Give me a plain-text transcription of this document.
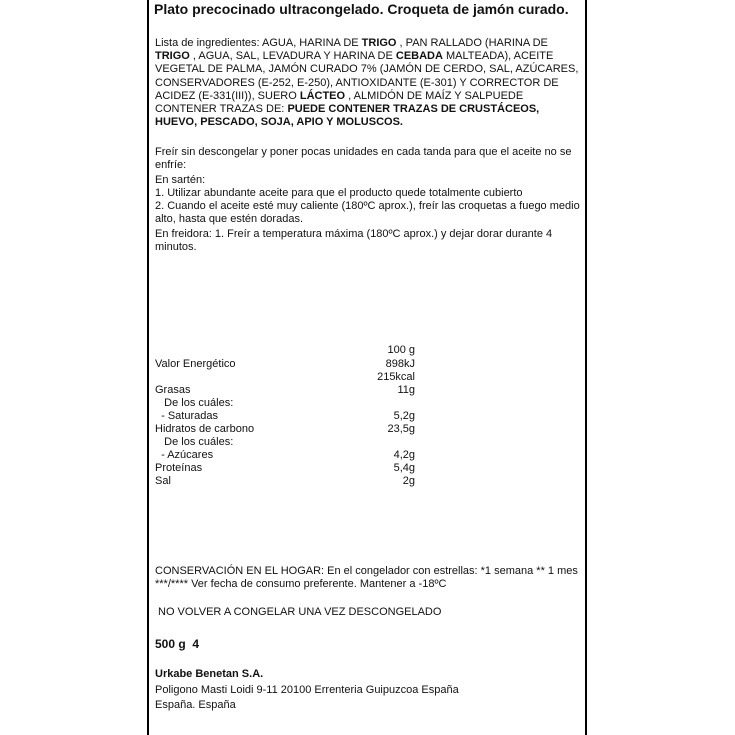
Plato precocinado ultracongelado. Croqueta de jamón curado.

Lista de ingredientes: AGUA, HARINA DE TRIGO , PAN RALLADO (HARINA DE TRIGO , AGUA, SAL, LEVADURA Y HARINA DE CEBADA MALTEADA), ACEITE VEGETAL DE PALMA, JAMÓN CURADO 7% (JAMÓN DE CERDO, SAL, AZÚCARES, CONSERVADORES (E-252, E-250), ANTIOXIDANTE (E-301) Y CORRECTOR DE ACIDEZ (E-331(III)), SUERO LÁCTEO , ALMIDÓN DE MAÍZ Y SALPUEDE CONTENER TRAZAS DE: PUEDE CONTENER TRAZAS DE CRUSTÁCEOS, HUEVO, PESCADO, SOJA, APIO Y MOLUSCOS.

Freír sin descongelar y poner pocas unidades en cada tanda para que el aceite no se enfríe:

En sartén:

1. Utilizar abundante aceite para que el producto quede totalmente cubierto

2. Cuando el aceite esté muy caliente (180ºC aprox.), freír las croquetas a fuego medio alto, hasta que estén doradas.

En freidora: 1. Freír a temperatura máxima (180ºC aprox.) y dejar dorar durante 4 minutos.

100 g
Valor Energético	898kJ
215kcal
Grasas	11g
De los cuáles:
- Saturadas	5,2g
Hidratos de carbono	23,5g
De los cuáles:
- Azúcares	4,2g
Proteínas	5,4g
Sal	2g

CONSERVACIÓN EN EL HOGAR: En el congelador con estrellas: *1 semana ** 1 mes ***/**** Ver fecha de consumo preferente. Mantener a -18ºC

NO VOLVER A CONGELAR UNA VEZ DESCONGELADO

500 g 4

Urkabe Benetan S.A.

Poligono Masti Loidi 9-11 20100 Errenteria Guipuzcoa España

España. España
